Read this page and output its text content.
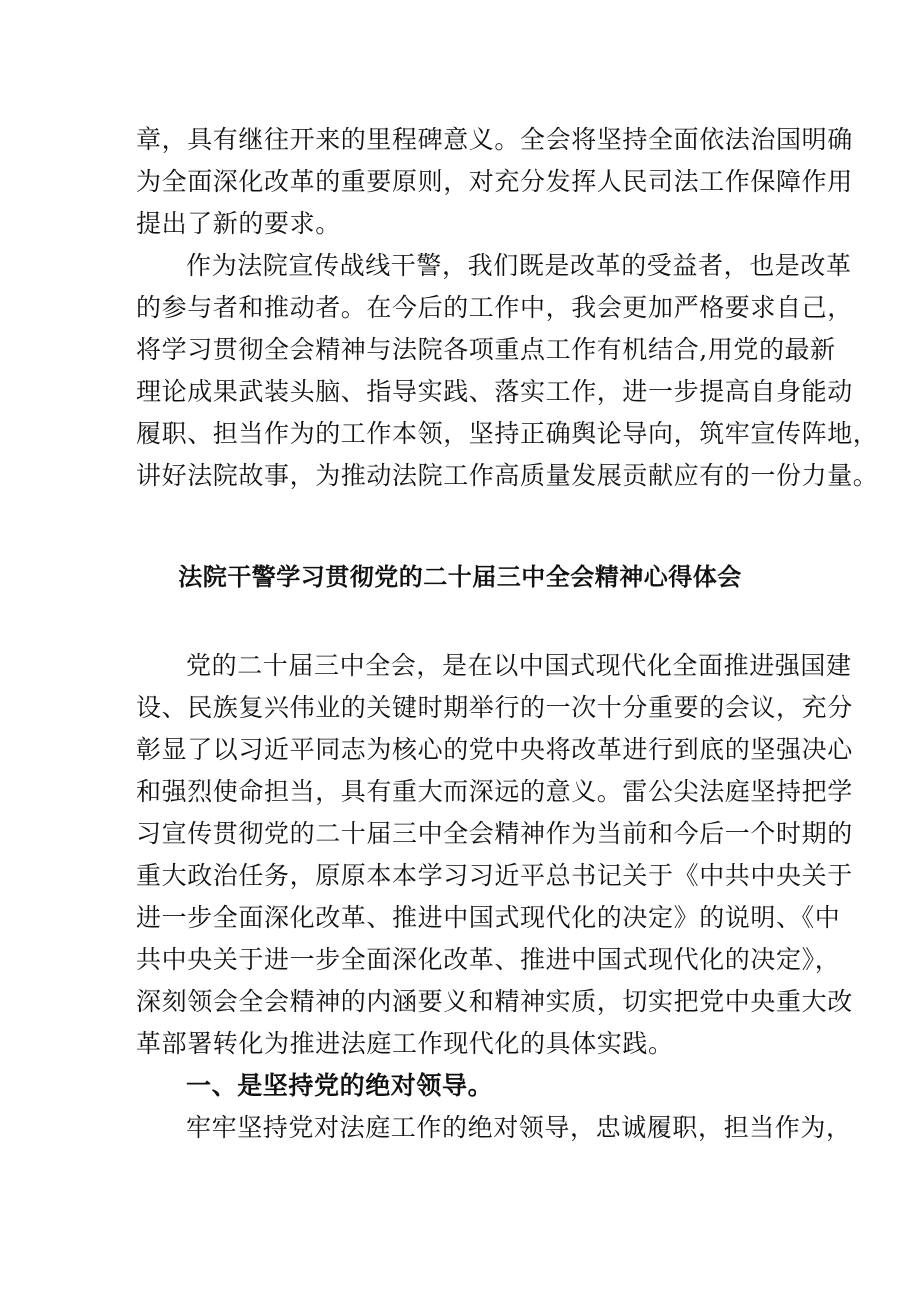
章，具有继往开来的里程碑意义。全会将坚持全面依法治国明确
为全面深化改革的重要原则，对充分发挥人民司法工作保障作用
提出了新的要求。
作为法院宣传战线干警，我们既是改革的受益者，也是改革
的参与者和推动者。在今后的工作中，我会更加严格要求自己，
将学习贯彻全会精神与法院各项重点工作有机结合,用党的最新
理论成果武装头脑、指导实践、落实工作，进一步提高自身能动
履职、担当作为的工作本领，坚持正确舆论导向，筑牢宣传阵地，
讲好法院故事，为推动法院工作高质量发展贡献应有的一份力量。
法院干警学习贯彻党的二十届三中全会精神心得体会
党的二十届三中全会，是在以中国式现代化全面推进强国建
设、民族复兴伟业的关键时期举行的一次十分重要的会议，充分
彰显了以习近平同志为核心的党中央将改革进行到底的坚强决心
和强烈使命担当，具有重大而深远的意义。雷公尖法庭坚持把学
习宣传贯彻党的二十届三中全会精神作为当前和今后一个时期的
重大政治任务，原原本本学习习近平总书记关于《中共中央关于
进一步全面深化改革、推进中国式现代化的决定》的说明、《中
共中央关于进一步全面深化改革、推进中国式现代化的决定》，
深刻领会全会精神的内涵要义和精神实质，切实把党中央重大改
革部署转化为推进法庭工作现代化的具体实践。
一、是坚持党的绝对领导。
牢牢坚持党对法庭工作的绝对领导，忠诚履职，担当作为，
